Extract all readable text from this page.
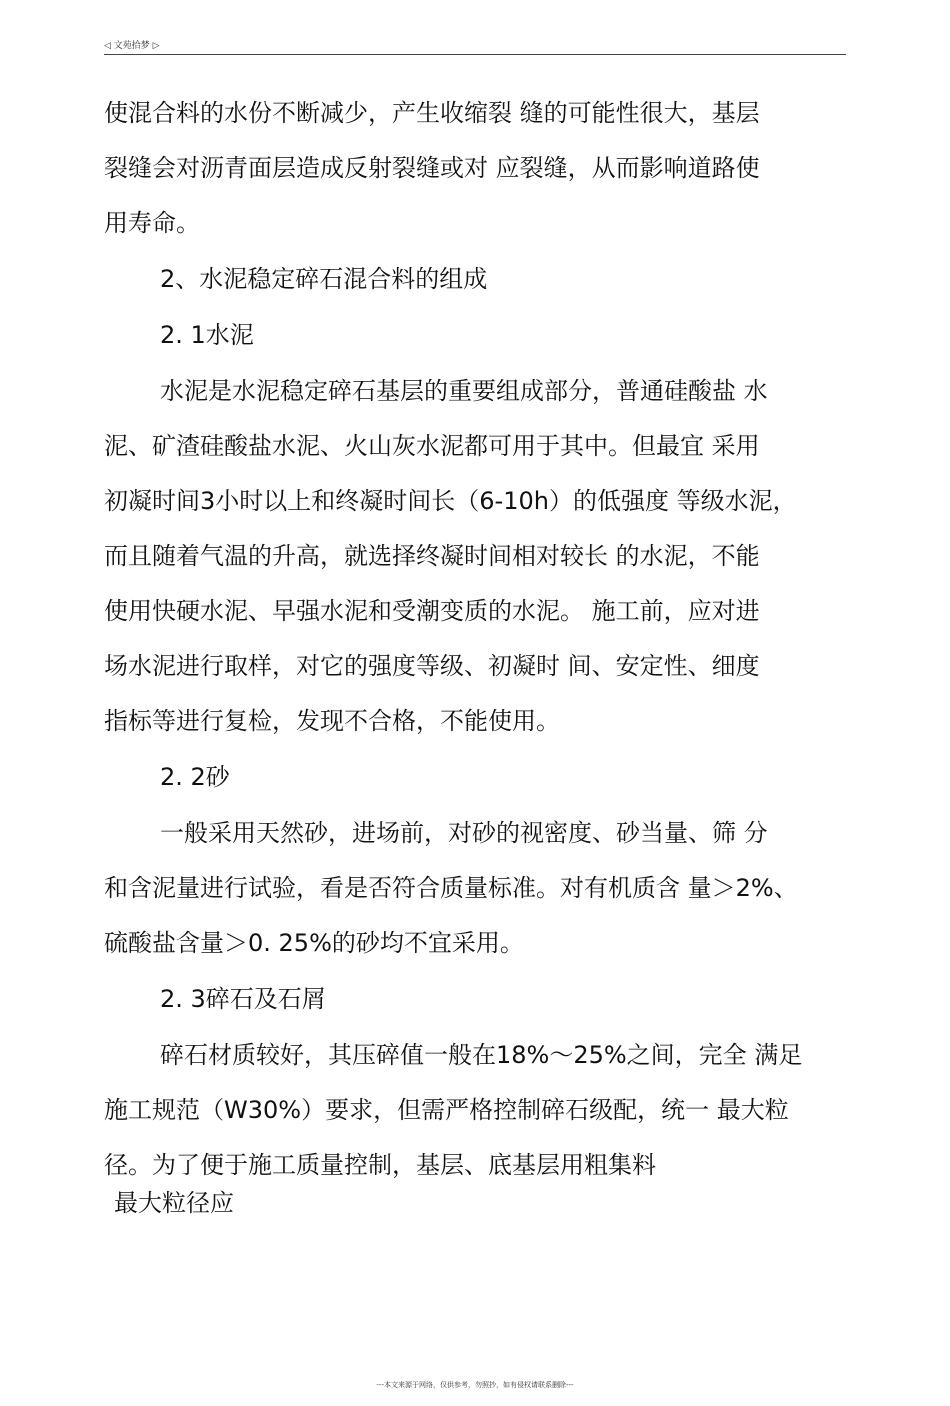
◁ 文苑拾梦 ▷
使混合料的水份不断减少，产生收缩裂 缝的可能性很大，基层
裂缝会对沥青面层造成反射裂缝或对 应裂缝，从而影响道路使
用寿命。
2、水泥稳定碎石混合料的组成
2. 1水泥
水泥是水泥稳定碎石基层的重要组成部分，普通硅酸盐 水
泥、矿渣硅酸盐水泥、火山灰水泥都可用于其中。但最宜 采用
初凝时间3小时以上和终凝时间长（6-10h）的低强度 等级水泥，
而且随着气温的升高，就选择终凝时间相对较长 的水泥，不能
使用快硬水泥、早强水泥和受潮变质的水泥。 施工前，应对进
场水泥进行取样，对它的强度等级、初凝时 间、安定性、细度
指标等进行复检，发现不合格，不能使用。
2. 2砂
一般采用天然砂，进场前，对砂的视密度、砂当量、筛 分
和含泥量进行试验，看是否符合质量标准。对有机质含 量＞2%、
硫酸盐含量＞0. 25%的砂均不宜采用。
2. 3碎石及石屑
碎石材质较好，其压碎值一般在18%〜25%之间，完全 满足
施工规范（W30%）要求，但需严格控制碎石级配，统一 最大粒
径。为了便于施工质量控制，基层、底基层用粗集料
最大粒径应
---本文来源于网络，仅供参考，勿照抄，如有侵权请联系删除---
